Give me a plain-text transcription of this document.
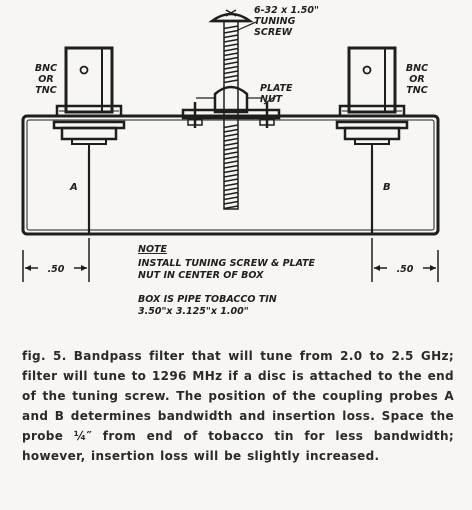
6-32 x 1.50"
TUNING
SCREW
BNC
OR
TNC
BNC
OR
TNC
PLATE
NUT
A	B
.50	.50
NOTE
INSTALL TUNING SCREW & PLATE
NUT IN CENTER OF BOX
BOX IS PIPE TOBACCO TIN
3.50"x 3.125"x 1.00"
fig. 5. Bandpass filter that will tune from 2.0 to 2.5 GHz; filter will tune to 1296 MHz if a disc is attached to the end of the tuning screw. The position of the coupling probes A and B determines bandwidth and insertion loss. Space the probe ¼″ from end of tobacco tin for less bandwidth; however, insertion loss will be slightly increased.
